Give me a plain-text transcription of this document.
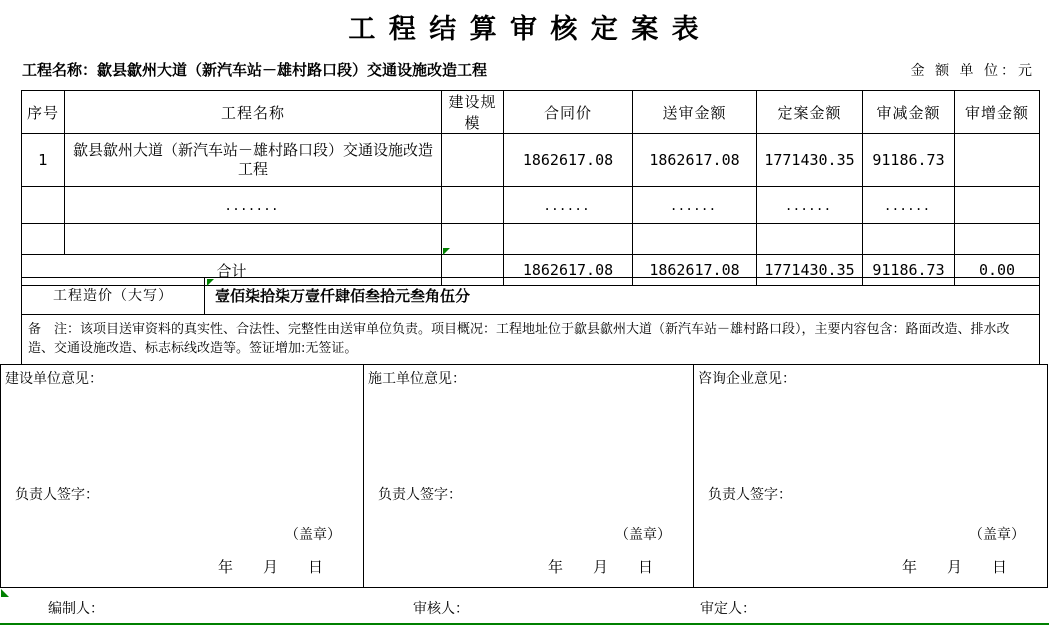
工 程 结 算 审 核 定 案 表
工程名称：歙县歙州大道（新汽车站－雄村路口段）交通设施改造工程	金 额 单 位：元
序号	工程名称	建设规模	合同价	送审金额	定案金额	审减金额	审增金额
1	歙县歙州大道（新汽车站－雄村路口段）交通设施改造工程		1862617.08	1862617.08	1771430.35	91186.73	
	.......		......	......	......	......	

合计			1862617.08	1862617.08	1771430.35	91186.73	0.00
工程造价（大写）	壹佰柒拾柒万壹仟肆佰叁拾元叁角伍分
备　注：该项目送审资料的真实性、合法性、完整性由送审单位负责。项目概况：工程地址位于歙县歙州大道（新汽车站－雄村路口段），主要内容包含：路面改造、排水改造、交通设施改造、标志标线改造等。签证增加:无签证。
建设单位意见：
负责人签字：
（盖章）
年　　月　　日
施工单位意见：
负责人签字：
（盖章）
年　　月　　日
咨询企业意见：
负责人签字：
（盖章）
年　　月　　日
编制人：	审核人：	审定人：
